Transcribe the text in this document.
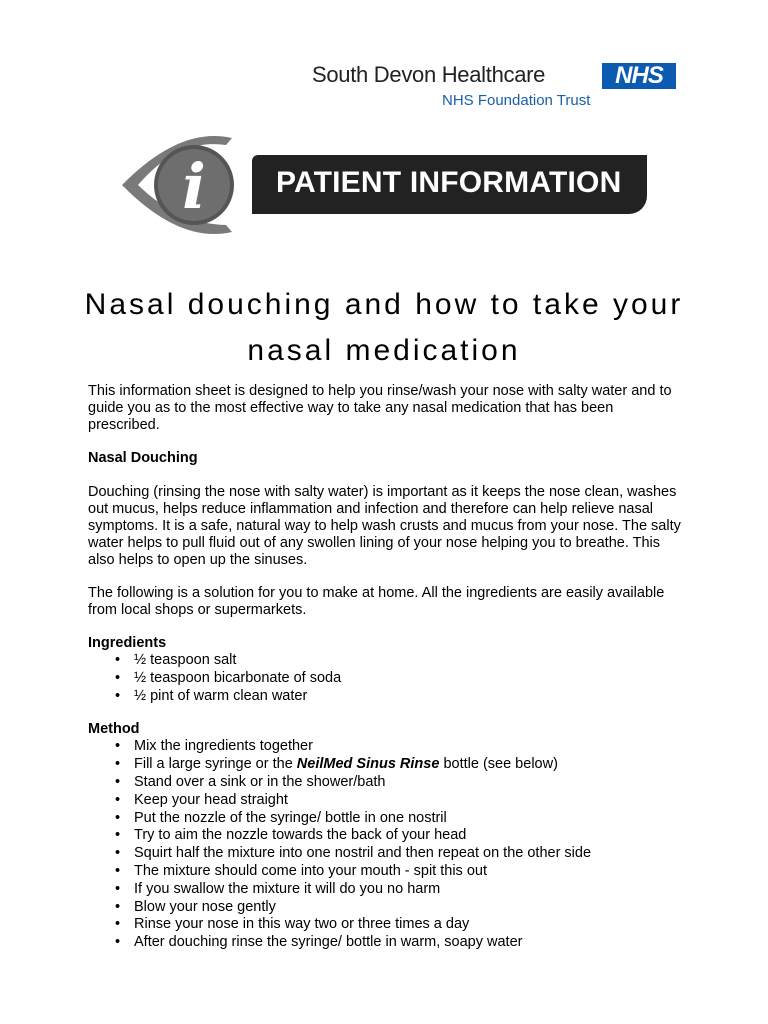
South Devon Healthcare	NHS
NHS Foundation Trust
i PATIENT INFORMATION
Nasal douching and how to take your nasal medication

This information sheet is designed to help you rinse/wash your nose with salty water and to guide you as to the most effective way to take any nasal medication that has been prescribed.

Nasal Douching

Douching (rinsing the nose with salty water) is important as it keeps the nose clean, washes out mucus, helps reduce inflammation and infection and therefore can help relieve nasal symptoms. It is a safe, natural way to help wash crusts and mucus from your nose. The salty water helps to pull fluid out of any swollen lining of your nose helping you to breathe. This also helps to open up the sinuses.

The following is a solution for you to make at home. All the ingredients are easily available from local shops or supermarkets.

Ingredients
• ½ teaspoon salt
• ½ teaspoon bicarbonate of soda
• ½ pint of warm clean water
Method
• Mix the ingredients together
• Fill a large syringe or the NeilMed Sinus Rinse bottle (see below)
• Stand over a sink or in the shower/bath
• Keep your head straight
• Put the nozzle of the syringe/ bottle in one nostril
• Try to aim the nozzle towards the back of your head
• Squirt half the mixture into one nostril and then repeat on the other side
• The mixture should come into your mouth - spit this out
• If you swallow the mixture it will do you no harm
• Blow your nose gently
• Rinse your nose in this way two or three times a day
• After douching rinse the syringe/ bottle in warm, soapy water
